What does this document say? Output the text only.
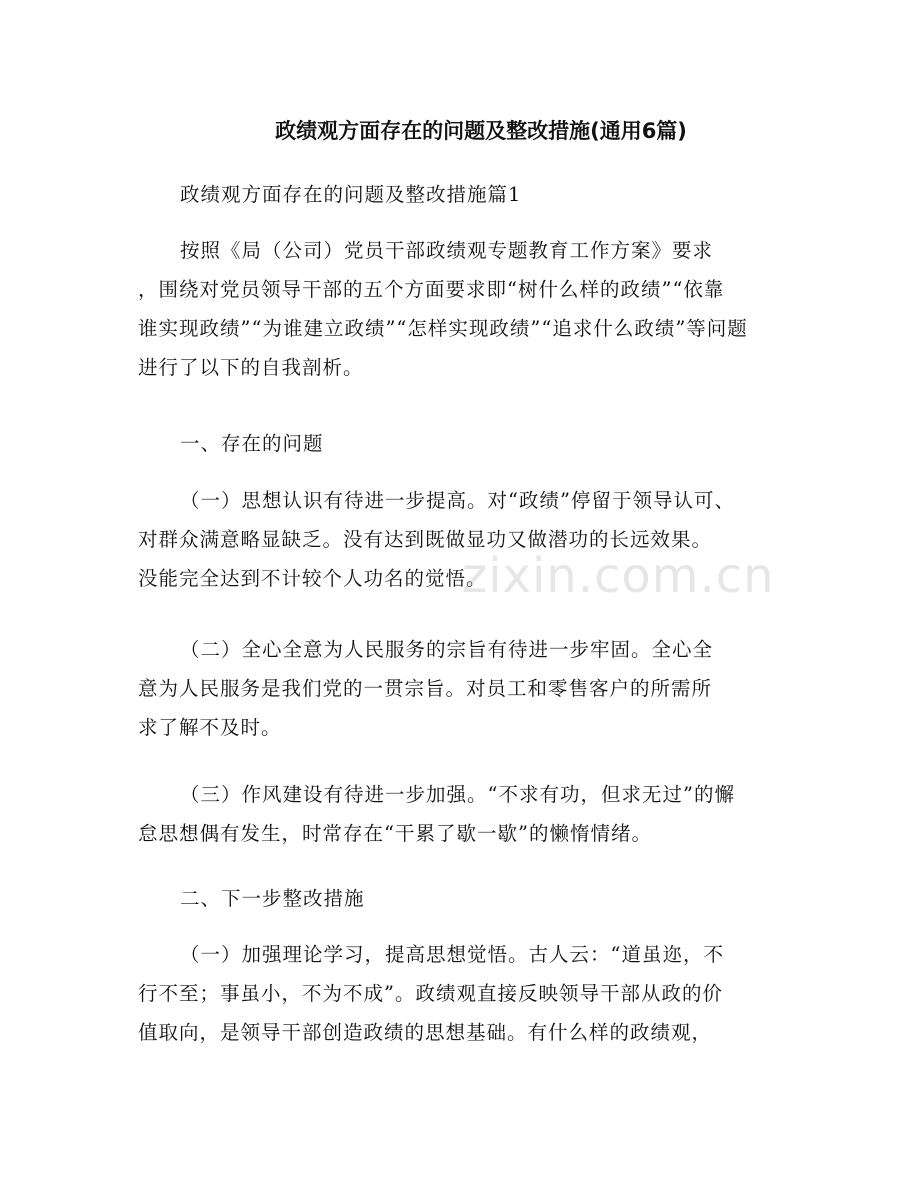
政绩观方面存在的问题及整改措施(通用6篇)
政绩观方面存在的问题及整改措施篇1
按照《局（公司）党员干部政绩观专题教育工作方案》要求
，围绕对党员领导干部的五个方面要求即“树什么样的政绩”“依靠
谁实现政绩”“为谁建立政绩”“怎样实现政绩”“追求什么政绩”等问题
进行了以下的自我剖析。
一、存在的问题
（一）思想认识有待进一步提高。对“政绩”停留于领导认可、
对群众满意略显缺乏。没有达到既做显功又做潜功的长远效果。
没能完全达到不计较个人功名的觉悟。
（二）全心全意为人民服务的宗旨有待进一步牢固。全心全
意为人民服务是我们党的一贯宗旨。对员工和零售客户的所需所
求了解不及时。
（三）作风建设有待进一步加强。“不求有功，但求无过”的懈
怠思想偶有发生，时常存在“干累了歇一歇”的懒惰情绪。
二、下一步整改措施
（一）加强理论学习，提高思想觉悟。古人云：“道虽迩，不
行不至；事虽小，不为不成”。政绩观直接反映领导干部从政的价
值取向，是领导干部创造政绩的思想基础。有什么样的政绩观，
zixin.com.cn
